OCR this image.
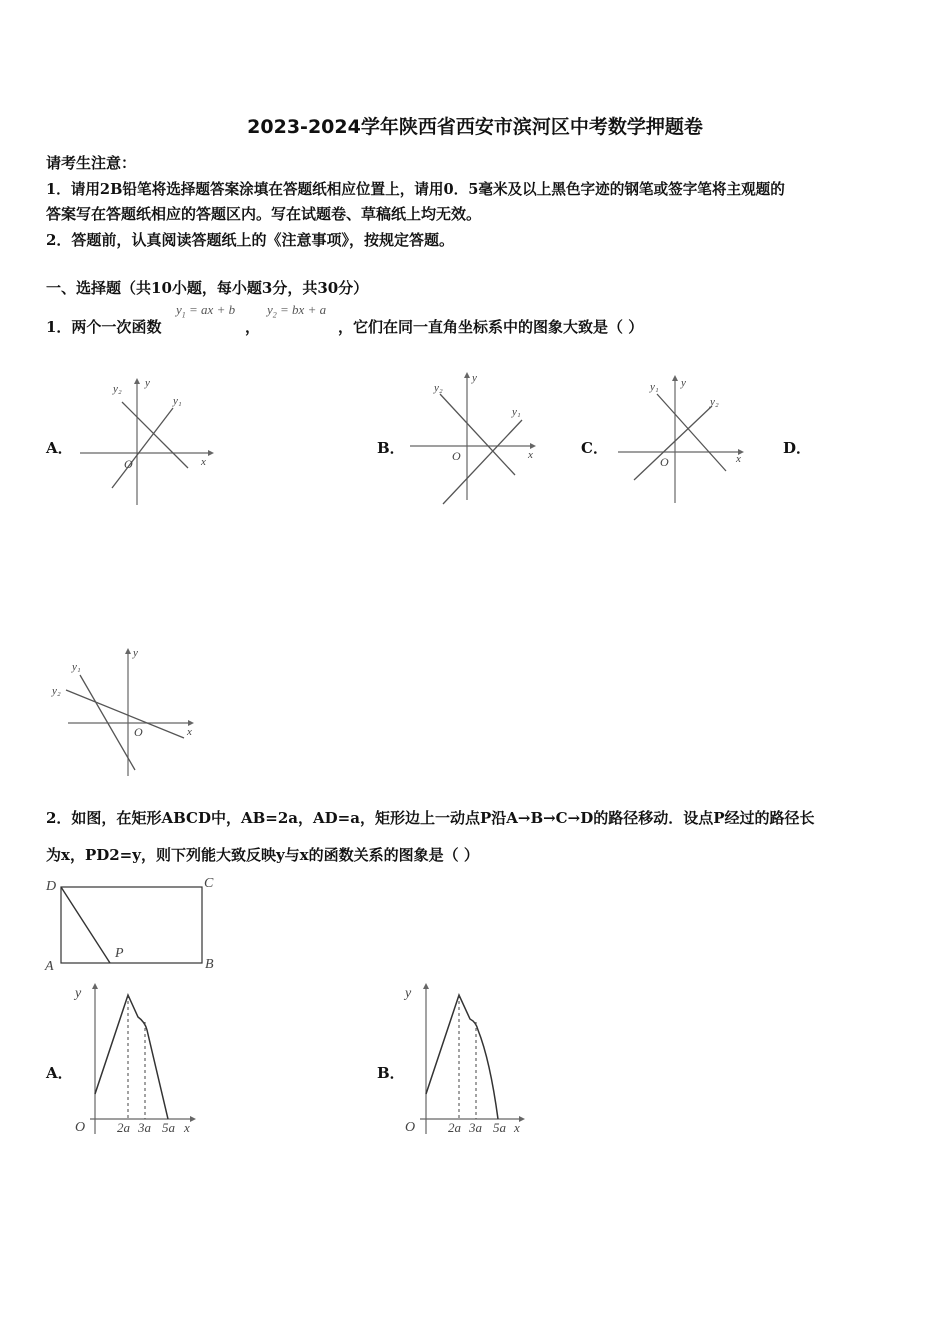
2023-2024学年陕西省西安市滨河区中考数学押题卷
请考生注意：
1．请用2B铅笔将选择题答案涂填在答题纸相应位置上，请用0．5毫米及以上黑色字迹的钢笔或签字笔将主观题的
答案写在答题纸相应的答题区内。写在试题卷、草稿纸上均无效。
2．答题前，认真阅读答题纸上的《注意事项》，按规定答题。
一、选择题（共10小题，每小题3分，共30分）
1．两个一次函数
$y_1$ = ax + b
，
$y_2$ = bx + a
，它们在同一直角坐标系中的图象大致是（ ）
A．	B．	C．	D．
y
y₂
y₁
O	x
y
y₂
y₁
O	x
y
y₁
y₂
O	x
y
y₁
y₂
O	x
2．如图，在矩形ABCD中，AB=2a，AD=a，矩形边上一动点P沿A→B→C→D的路径移动．设点P经过的路径长
为x，PD2=y，则下列能大致反映y与x的函数关系的图象是（ ）
D	C
A	B
P
A．	B．
y
O 2a 3a 5a x
y
O	2a 3a 5a x
